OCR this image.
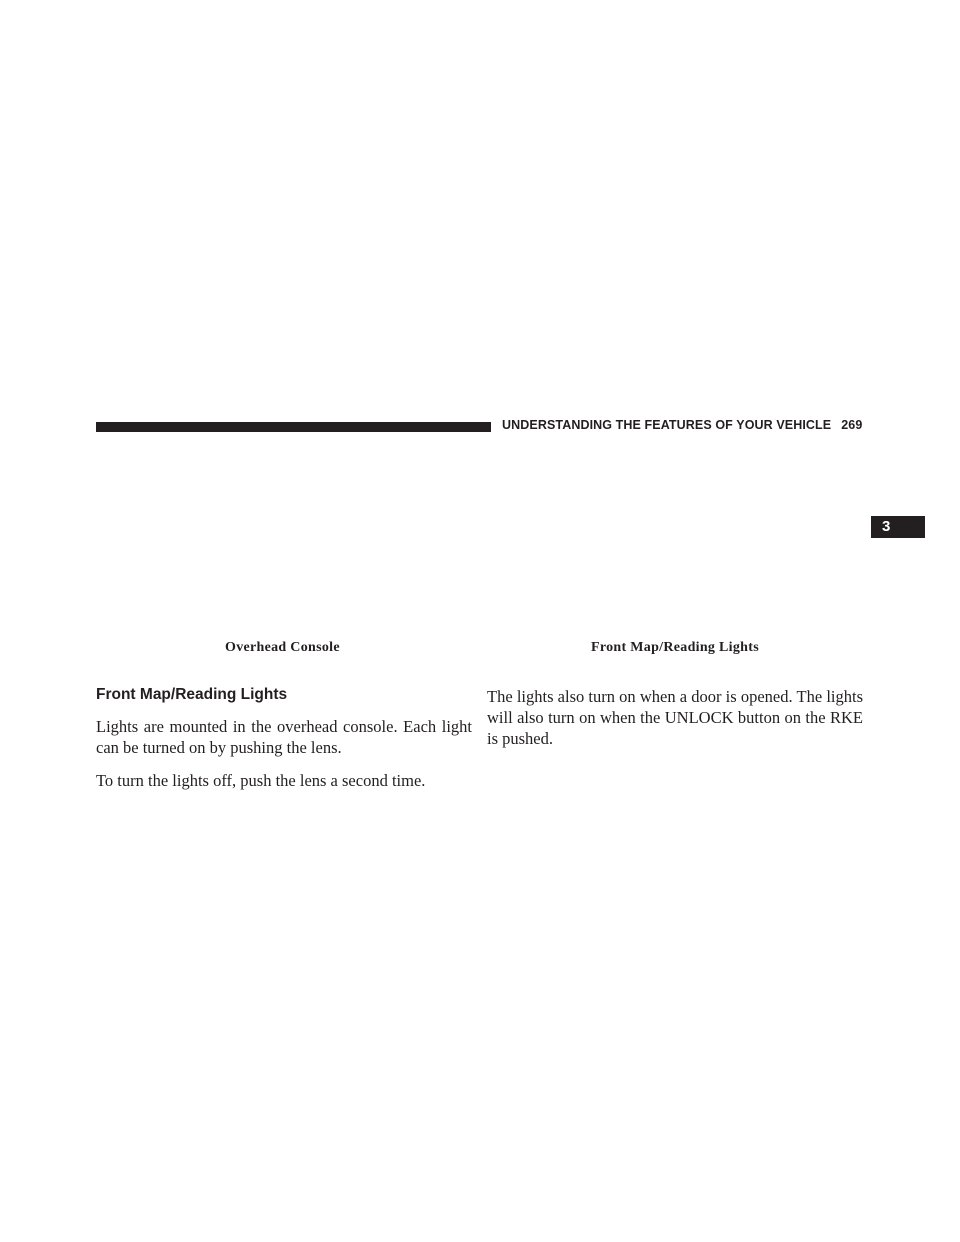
UNDERSTANDING THE FEATURES OF YOUR VEHICLE 269
3
Overhead Console	Front Map/Reading Lights
Front Map/Reading Lights

Lights are mounted in the overhead console. Each light can be turned on by pushing the lens.

To turn the lights off, push the lens a second time.

The lights also turn on when a door is opened. The lights will also turn on when the UNLOCK button on the RKE is pushed.
